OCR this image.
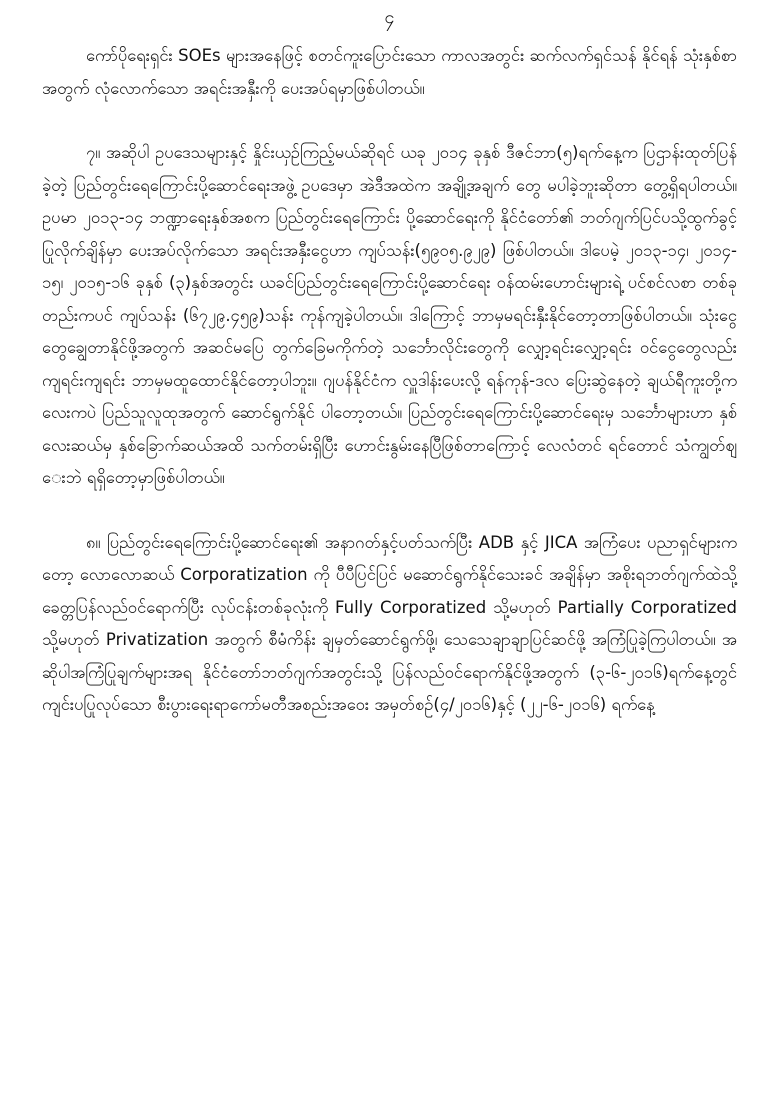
၄

ကော်ပိုရေးရှင်း SOEs များအနေဖြင့် စတင်ကူးပြောင်းသော ကာလအတွင်း ဆက်လက်ရှင်သန် နိုင်ရန် သုံးနှစ်စာအတွက် လုံလောက်သော အရင်းအနှီးကို ပေးအပ်ရမှာဖြစ်ပါတယ်။

၇။ အဆိုပါ ဥပဒေသများနှင့် နှိုင်းယှဉ်ကြည့်မယ်ဆိုရင် ယခု ၂၀၁၄ ခုနှစ် ဒီဇင်ဘာ(၅)ရက်နေ့က ပြဌာန်းထုတ်ပြန်ခဲ့တဲ့ ပြည်တွင်းရေကြောင်းပို့ဆောင်ရေးအဖွဲ့ ဥပဒေမှာ အဲဒီအထဲက အချို့အချက် တွေ မပါခဲ့ဘူးဆိုတာ တွေ့ရှိရပါတယ်။ ဥပမာ ၂၀၁၃-၁၄ ဘဏ္ဍာရေးနှစ်အစက ပြည်တွင်းရေကြောင်း ပို့ဆောင်ရေးကို နိုင်ငံတော်၏ ဘတ်ဂျက်ပြင်ပသို့ထွက်ခွင့်ပြုလိုက်ချိန်မှာ ပေးအပ်လိုက်သော အရင်းအနှီးငွေဟာ ကျပ်သန်း(၅၉၀၅.၉၂၉) ဖြစ်ပါတယ်။ ဒါပေမဲ့ ၂၀၁၃-၁၄၊ ၂၀၁၄-၁၅၊ ၂၀၁၅-၁၆ ခုနှစ် (၃)နှစ်အတွင်း ယခင်ပြည်တွင်းရေကြောင်းပို့ဆောင်ရေး ဝန်ထမ်းဟောင်းများရဲ့ ပင်စင်လစာ တစ်ခုတည်းကပင် ကျပ်သန်း (၆၇၂၉.၄၅၉)သန်း ကုန်ကျခဲ့ပါတယ်။ ဒါကြောင့် ဘာမှမရင်းနှီးနိုင်တော့တာဖြစ်ပါတယ်။ သုံးငွေတွေချွေတာနိုင်ဖို့အတွက် အဆင်မပြေ တွက်ခြေမကိုက်တဲ့ သင်္ဘောလိုင်းတွေကို လျှော့ရင်းလျှော့ရင်း ဝင်ငွေတွေလည်း ကျရင်းကျရင်း ဘာမှမထူထောင်နိုင်တော့ပါဘူး။ ဂျပန်နိုင်ငံက လှူဒါန်းပေးလို့ ရန်ကုန်-ဒလ ပြေးဆွဲနေတဲ့ ချယ်ရီကူးတို့ကလေးကပဲ ပြည်သူလူထုအတွက် ဆောင်ရွက်နိုင် ပါတော့တယ်။ ပြည်တွင်းရေကြောင်းပို့ဆောင်ရေးမှ သင်္ဘောများဟာ နှစ်လေးဆယ်မှ နှစ်ခြောက်ဆယ်အထိ သက်တမ်းရှိပြီး ဟောင်းနွမ်းနေပြီဖြစ်တာကြောင့် လေလံတင် ရင်တောင် သံကျွတ်ဈေးဘဲ ရရှိတော့မှာဖြစ်ပါတယ်။

၈။ ပြည်တွင်းရေကြောင်းပို့ဆောင်ရေး၏ အနာဂတ်နှင့်ပတ်သက်ပြီး ADB နှင့် JICA အကြံပေး ပညာရှင်များကတော့ လောလောဆယ် Corporatization ကို ပီပီပြင်ပြင် မဆောင်ရွက်နိုင်သေးခင် အချိန်မှာ အစိုးရဘတ်ဂျက်ထဲသို့ ခေတ္တပြန်လည်ဝင်ရောက်ပြီး လုပ်ငန်းတစ်ခုလုံးကို Fully Corporatized သို့မဟုတ် Partially Corporatized သို့မဟုတ် Privatization အတွက် စီမံကိန်း ချမှတ်ဆောင်ရွက်ဖို့၊ သေသေချာချာပြင်ဆင်ဖို့ အကြံပြုခဲ့ကြပါတယ်။ အဆိုပါအကြံပြုချက်များအရ နိုင်ငံတော်ဘတ်ဂျက်အတွင်းသို့ ပြန်လည်ဝင်ရောက်နိုင်ဖို့အတွက် (၃-၆-၂၀၁၆)ရက်နေ့တွင် ကျင်းပပြုလုပ်သော စီးပွားရေးရာကော်မတီအစည်းအဝေး အမှတ်စဉ်(၄/၂၀၁၆)နှင့် (၂၂-၆-၂၀၁၆) ရက်နေ့
